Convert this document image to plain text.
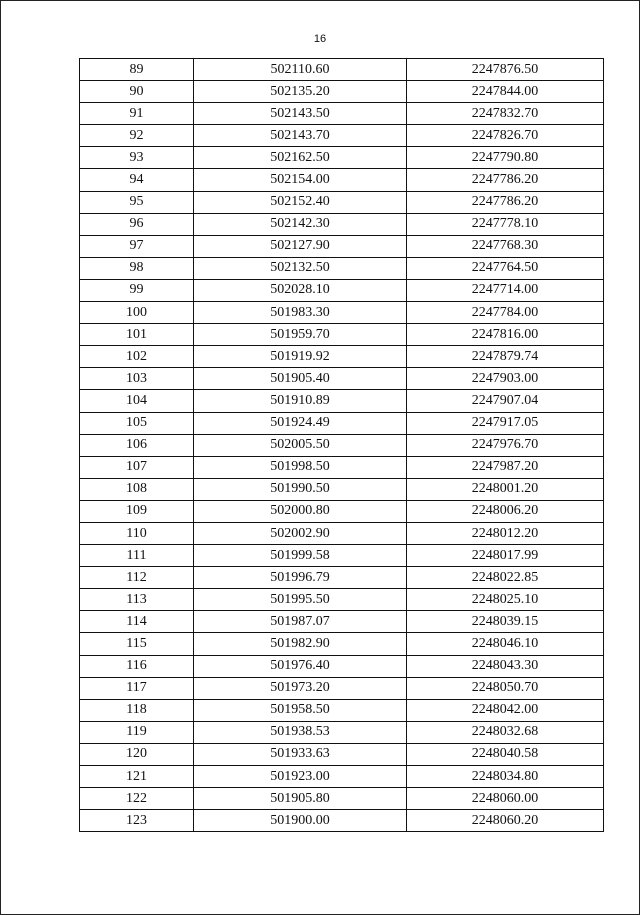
16
89	502110.60	2247876.50
90	502135.20	2247844.00
91	502143.50	2247832.70
92	502143.70	2247826.70
93	502162.50	2247790.80
94	502154.00	2247786.20
95	502152.40	2247786.20
96	502142.30	2247778.10
97	502127.90	2247768.30
98	502132.50	2247764.50
99	502028.10	2247714.00
100	501983.30	2247784.00
101	501959.70	2247816.00
102	501919.92	2247879.74
103	501905.40	2247903.00
104	501910.89	2247907.04
105	501924.49	2247917.05
106	502005.50	2247976.70
107	501998.50	2247987.20
108	501990.50	2248001.20
109	502000.80	2248006.20
110	502002.90	2248012.20
111	501999.58	2248017.99
112	501996.79	2248022.85
113	501995.50	2248025.10
114	501987.07	2248039.15
115	501982.90	2248046.10
116	501976.40	2248043.30
117	501973.20	2248050.70
118	501958.50	2248042.00
119	501938.53	2248032.68
120	501933.63	2248040.58
121	501923.00	2248034.80
122	501905.80	2248060.00
123	501900.00	2248060.20
